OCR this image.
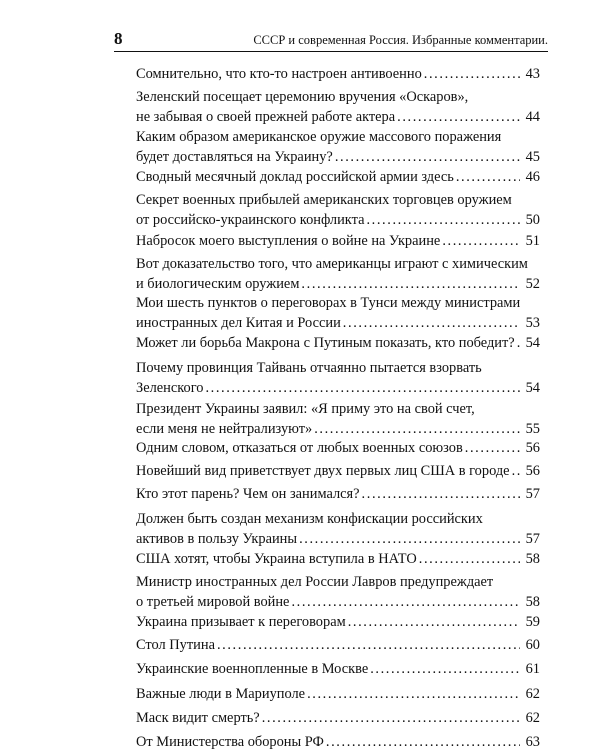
8	СССР и современная Россия. Избранные комментарии.
Сомнительно, что кто-то настроен антивоенно . . .	43
Зеленский посещает церемонию вручения «Оскаров»,
не забывая о своей прежней работе актера . . .	44
Каким образом американское оружие массового поражения
будет доставляться на Украину? . . .	45
Сводный месячный доклад российской армии здесь . . .	46
Секрет военных прибылей американских торговцев оружием
от российско-украинского конфликта . . .	50
Набросок моего выступления о войне на Украине . . .	51
Вот доказательство того, что американцы играют с химическим
и биологическим оружием . . .	52
Мои шесть пунктов о переговорах в Тунси между министрами
иностранных дел Китая и России . . .	53
Может ли борьба Макрона с Путиным показать, кто победит? . . . 54
Почему провинция Тайвань отчаянно пытается взорвать
Зеленского . . .	54
Президент Украины заявил: «Я приму это на свой счет,
если меня не нейтрализуют» . . .	55
Одним словом, отказаться от любых военных союзов . . .	56
Новейший вид приветствует двух первых лиц США в городе . . . 56
Кто этот парень? Чем он занимался? . . .	57
Должен быть создан механизм конфискации российских
активов в пользу Украины . . .	57
США хотят, чтобы Украина вступила в НАТО . . .	58
Министр иностранных дел России Лавров предупреждает
о третьей мировой войне . . .	58
Украина призывает к переговорам . . .	59
Стол Путина . . .	60
Украинские военнопленные в Москве . . .	61
Важные люди в Мариуполе . . .	62
Маск видит смерть? . . .	62
От Министерства обороны РФ . . .	63
